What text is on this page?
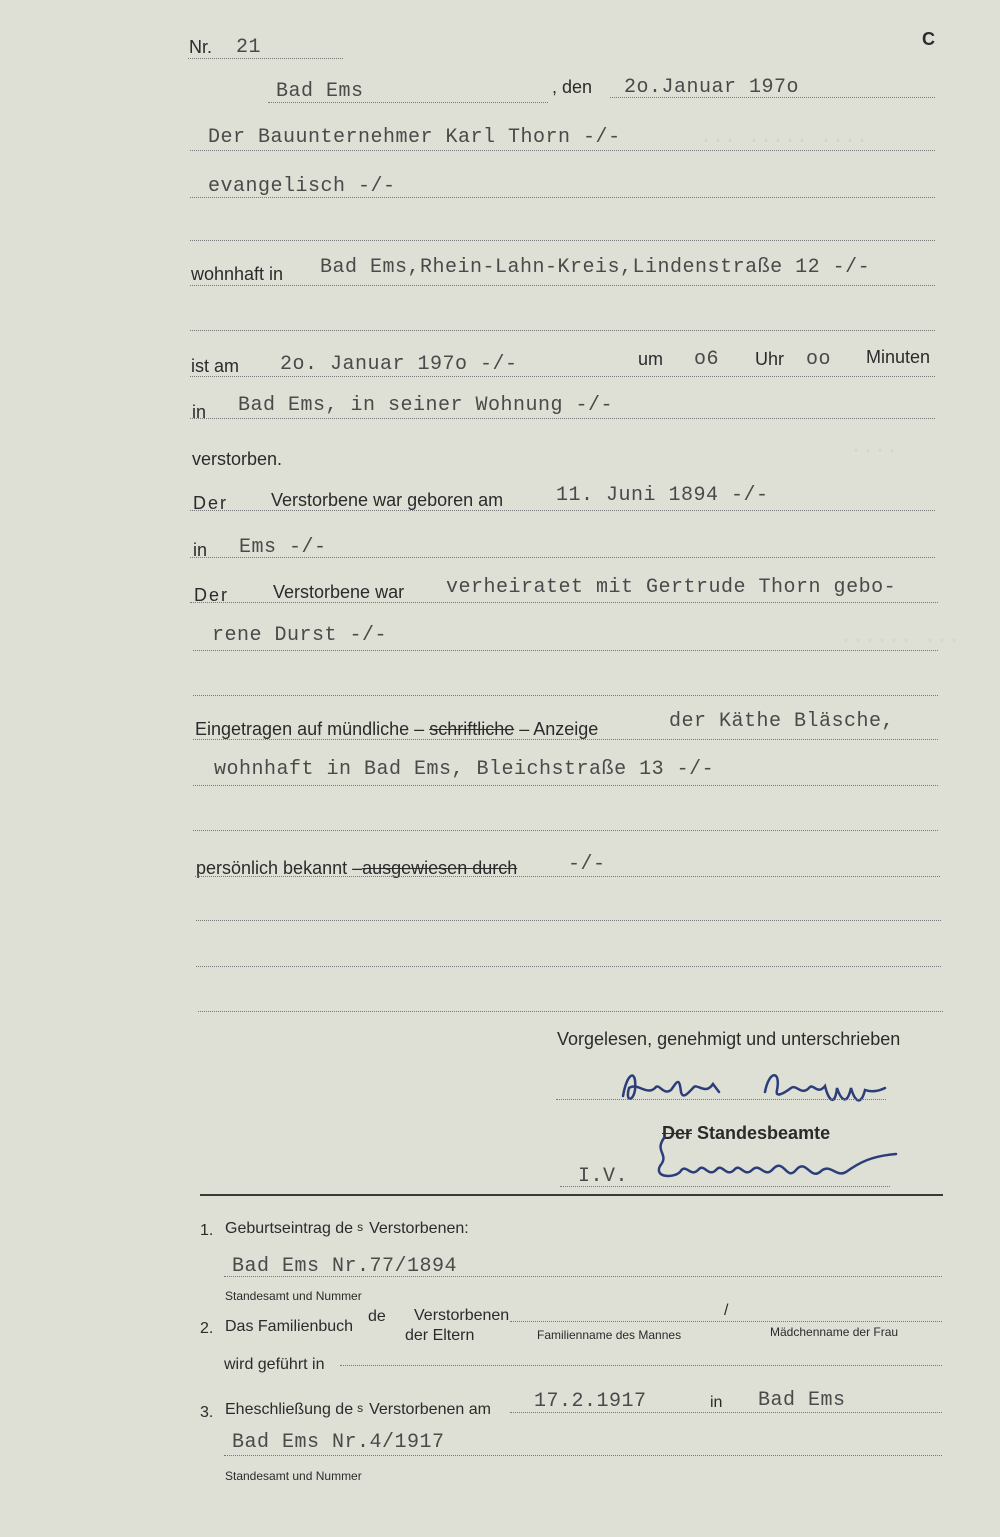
··· ····· ····
····
······ ···
Nr. 21	C
Bad Ems	, den 2o.Januar 197o
Der Bauunternehmer Karl Thorn -/-
evangelisch -/-
wohnhaft in Bad Ems,Rhein-Lahn-Kreis,Lindenstraße 12 -/-
ist am 2o. Januar 197o -/-	um o6 Uhr oo Minuten
in Bad Ems, in seiner Wohnung -/-
verstorben.
Der Verstorbene war geboren am	11. Juni 1894 -/-
in Ems -/-
Der Verstorbene war verheiratet mit Gertrude Thorn gebo-
rene Durst -/-
Eingetragen auf mündliche – schriftliche – Anzeige	der Käthe Bläsche,
wohnhaft in Bad Ems, Bleichstraße 13 -/-
persönlich bekannt –ausgewiesen durch	-/-
Vorgelesen, genehmigt und unterschrieben
Der Standesbeamte
I.V.
1. Geburtseintrag de s Verstorbenen:
Bad Ems Nr.77/1894
Standesamt und Nummer
2. Das Familienbuch
de Verstorbenen
der Eltern
/
Familienname des Mannes	Mädchenname der Frau
wird geführt in
3. Eheschließung de s Verstorbenen am 17.2.1917	in Bad Ems
Bad Ems Nr.4/1917
Standesamt und Nummer
